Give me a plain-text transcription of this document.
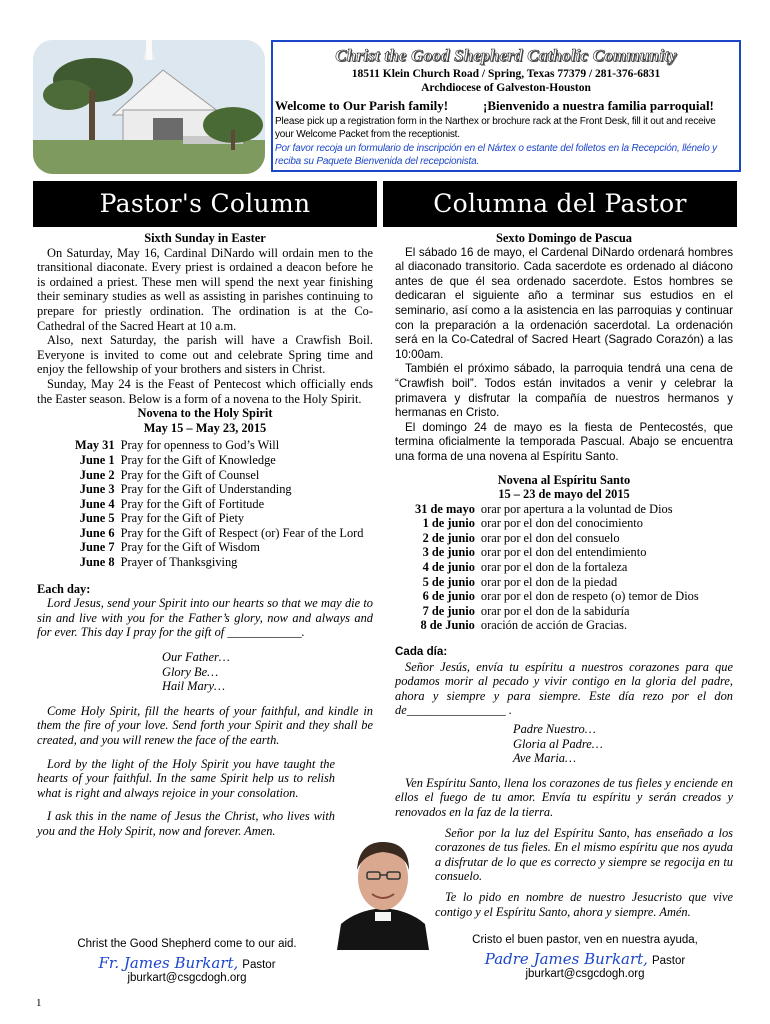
Christ the Good Shepherd Catholic Community
18511 Klein Church Road / Spring, Texas 77379 / 281-376-6831
Archdiocese of Galveston-Houston
Welcome to Our Parish family!	¡Bienvenido a nuestra familia parroquial!
Please pick up a registration form in the Narthex or brochure rack at the Front Desk, fill it out and receive your Welcome Packet from the receptionist.
Por favor recoja un formulario de inscripción en el Nártex o estante del folletos en la Recepción, llénelo y reciba su Paquete Bienvenida del recepcionista.
Pastor's Column	Columna del Pastor
Sixth Sunday in Easter

On Saturday, May 16, Cardinal DiNardo will ordain men to the transitional diaconate. Every priest is ordained a deacon before he is ordained a priest. These men will spend the next year finishing their seminary studies as well as assisting in parishes continuing to prepare for priestly ordination. The ordination is at the Co-Cathedral of the Sacred Heart at 10 a.m.

Also, next Saturday, the parish will have a Crawfish Boil. Everyone is invited to come out and celebrate Spring time and enjoy the fellowship of your brothers and sisters in Christ.

Sunday, May 24 is the Feast of Pentecost which officially ends the Easter season. Below is a form of a novena to the Holy Spirit.

Novena to the Holy Spirit
May 15 – May 23, 2015
May 31	Pray for openness to God’s Will
June 1	Pray for the Gift of Knowledge
June 2	Pray for the Gift of Counsel
June 3	Pray for the Gift of Understanding
June 4	Pray for the Gift of Fortitude
June 5	Pray for the Gift of Piety
June 6	Pray for the Gift of Respect (or) Fear of the Lord
June 7	Pray for the Gift of Wisdom
June 8	Prayer of Thanksgiving
Each day:

Lord Jesus, send your Spirit into our hearts so that we may die to sin and live with you for the Father’s glory, now and always and for ever. This day I pray for the gift of ____________.

Our Father…
Glory Be…
Hail Mary…

Come Holy Spirit, fill the hearts of your faithful, and kindle in them the fire of your love. Send forth your Spirit and they shall be created, and you will renew the face of the earth.

Lord by the light of the Holy Spirit you have taught the hearts of your faithful. In the same Spirit help us to relish what is right and always rejoice in your consolation.

I ask this in the name of Jesus the Christ, who lives with you and the Holy Spirit, now and forever. Amen.

Christ the Good Shepherd come to our aid.
Fr. James Burkart, Pastor
jburkart@csgcdogh.org
Sexto Domingo de Pascua

El sábado 16 de mayo, el Cardenal DiNardo ordenará hombres al diaconado transitorio. Cada sacerdote es ordenado al diácono antes de que él sea ordenado sacerdote. Estos hombres se dedicaran el siguiente año a terminar sus estudios en el seminario, así como a la asistencia en las parroquias y continuar con la preparación a la ordenación sacerdotal. La ordenación será en la Co-Catedral of Sacred Heart (Sagrado Corazón) a las 10:00am.

También el próximo sábado, la parroquia tendrá una cena de “Crawfish boil”. Todos están invitados a venir y celebrar la primavera y disfrutar la compañía de nuestros hermanos y hermanas en Cristo.

El domingo 24 de mayo es la fiesta de Pentecostés, que termina oficialmente la temporada Pascual. Abajo se encuentra una forma de una novena al Espíritu Santo.

Novena al Espíritu Santo
15 – 23 de mayo del 2015
31 de mayo	orar por apertura a la voluntad de Dios
1 de junio	orar por el don del conocimiento
2 de junio	orar por el don del consuelo
3 de junio	orar por el don del entendimiento
4 de junio	orar por el don de la fortaleza
5 de junio	orar por el don de la piedad
6 de junio	orar por el don de respeto (o) temor de Dios
7 de junio	orar por el don de la sabiduría
8 de Junio	oración de acción de Gracias.
Cada día:

Señor Jesús, envía tu espíritu a nuestros corazones para que podamos morir al pecado y vivir contigo en la gloria del padre, ahora y siempre y para siempre. Este día rezo por el don de________________ .

Padre Nuestro…
Gloria al Padre…
Ave Maria…

Ven Espíritu Santo, llena los corazones de tus fieles y enciende en ellos el fuego de tu amor. Envía tu espíritu y serán creados y renovados en la faz de la tierra.

Señor por la luz del Espíritu Santo, has enseñado a los corazones de tus fieles. En el mismo espíritu que nos ayuda a disfrutar de lo que es correcto y siempre se regocija en tu consuelo.

Te lo pido en nombre de nuestro Jesucristo que vive contigo y el Espíritu Santo, ahora y siempre. Amén.

Cristo el buen pastor, ven en nuestra ayuda,
Padre James Burkart, Pastor
jburkart@csgcdogh.org
1
